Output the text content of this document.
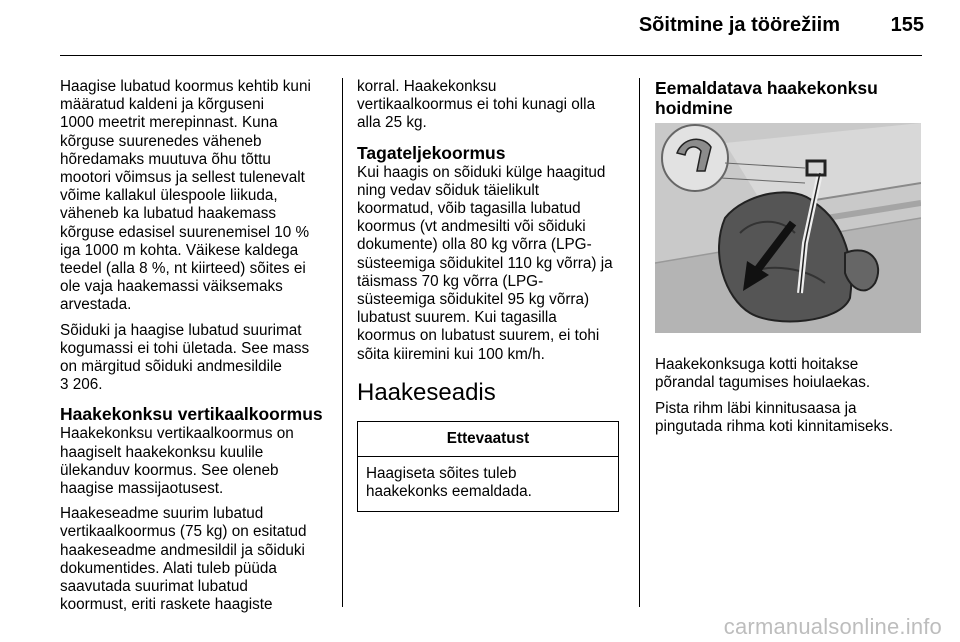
Sõitmine ja töörežiim	155

Haagise lubatud koormus kehtib kuni
määratud kaldeni ja kõrguseni
1000 meetrit merepinnast. Kuna
kõrguse suurenedes väheneb
hõredamaks muutuva õhu tõttu
mootori võimsus ja sellest tulenevalt
võime kallakul ülespoole liikuda,
väheneb ka lubatud haakemass
kõrguse edasisel suurenemisel 10 %
iga 1000 m kohta. Väikese kaldega
teedel (alla 8 %, nt kiirteed) sõites ei
ole vaja haakemassi väiksemaks
arvestada.

Sõiduki ja haagise lubatud suurimat
kogumassi ei tohi ületada. See mass
on märgitud sõiduki andmesildile
3 206.

Haakekonksu vertikaalkoormus

Haakekonksu vertikaalkoormus on
haagiselt haakekonksu kuulile
ülekanduv koormus. See oleneb
haagise massijaotusest.

Haakeseadme suurim lubatud
vertikaalkoormus (75 kg) on esitatud
haakeseadme andmesildil ja sõiduki
dokumentides. Alati tuleb püüda
saavutada suurimat lubatud
koormust, eriti raskete haagiste

korral. Haakekonksu
vertikaalkoormus ei tohi kunagi olla
alla 25 kg.

Tagateljekoormus

Kui haagis on sõiduki külge haagitud
ning vedav sõiduk täielikult
koormatud, võib tagasilla lubatud
koormus (vt andmesilti või sõiduki
dokumente) olla 80 kg võrra (LPG-
süsteemiga sõidukitel 110 kg võrra) ja
täismass 70 kg võrra (LPG-
süsteemiga sõidukitel 95 kg võrra)
lubatust suurem. Kui tagasilla
koormus on lubatust suurem, ei tohi
sõita kiiremini kui 100 km/h.

Haakeseadis
Ettevaatust
Haagiseta sõites tuleb
haakekonks eemaldada.
Eemaldatava haakekonksu
hoidmine

Haakekonksuga kotti hoitakse
põrandal tagumises hoiulaekas.

Pista rihm läbi kinnitusaasa ja
pingutada rihma koti kinnitamiseks.

carmanualsonline.info
